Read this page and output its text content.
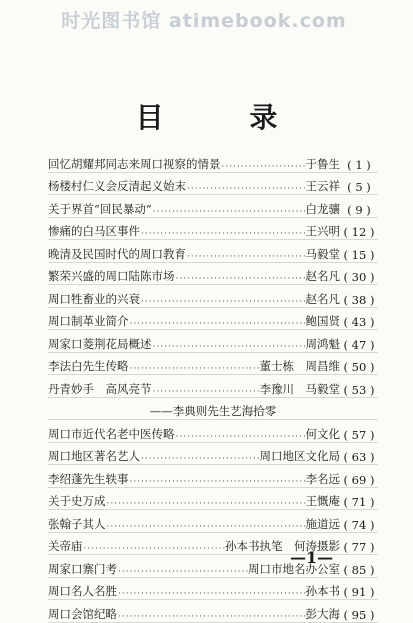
时光图书馆 atimebook.com
目 录
回忆胡耀邦同志来周口视察的情景 ·····	于鲁生	( 1 )
杨楼村仁义会反清起义始末 ·····	王云祥	( 5 )
关于界首“回民暴动” ·····	白龙骧	( 9 )
惨痛的白马区事件 ·····	王兴明	( 12 )
晚清及民国时代的周口教育 ·····	马毅堂	( 15 )
繁荣兴盛的周口陆陈市场 ·····	赵名凡	( 30 )
周口牲畜业的兴衰 ·····	赵名凡	( 38 )
周口制革业简介 ·····	鲍国贤	( 43 )
周家口菱荆花局概述 ·····	周鸿魁	( 47 )
李法白先生传略 ·····	董士栋　周昌维	( 50 )
丹青妙手　高风亮节 ·····	李豫川　马毅堂	( 53 )
——李典则先生艺海拾零
周口市近代名老中医传略 ·····	何文化	( 57 )
周口地区著名艺人 ·····	周口地区文化局	( 63 )
李绍蓬先生轶事 ·····	李名远	( 69 )
关于史万成 ·····	王慨庵	( 71 )
张翰子其人 ·····	施道远	( 74 )
关帝庙 ·····	孙本书执笔　何涛摄影	( 77 )
周家口寨门考 ·····	周口市地名办公室	( 85 )
周口名人名胜 ·····	孙本书	( 91 )
周口会馆纪略 ·····	彭大海	( 95 )
—1—
